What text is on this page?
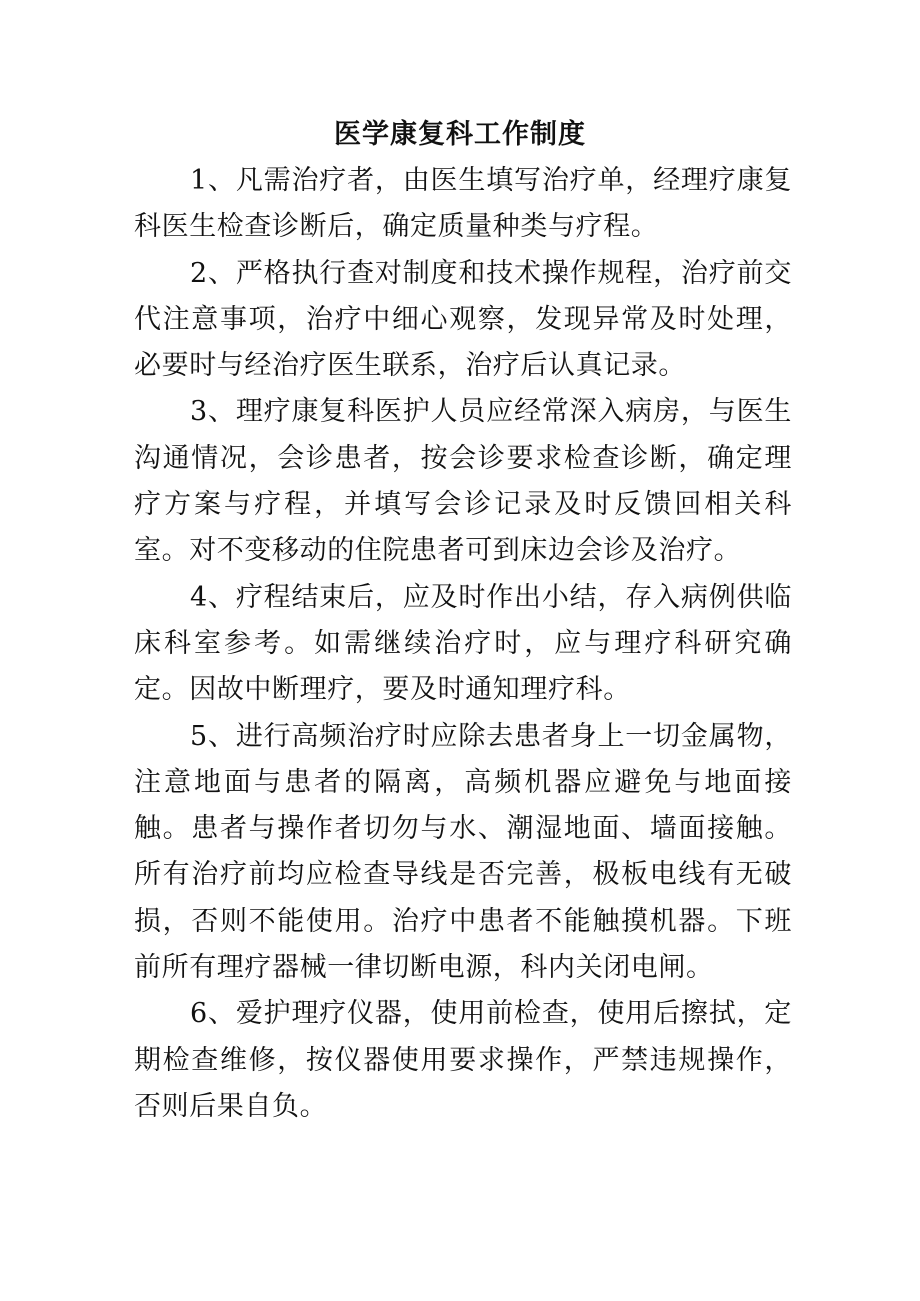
医学康复科工作制度

1、凡需治疗者，由医生填写治疗单，经理疗康复科医生检查诊断后，确定质量种类与疗程。

2、严格执行查对制度和技术操作规程，治疗前交代注意事项，治疗中细心观察，发现异常及时处理，必要时与经治疗医生联系，治疗后认真记录。

3、理疗康复科医护人员应经常深入病房，与医生沟通情况，会诊患者，按会诊要求检查诊断，确定理疗方案与疗程，并填写会诊记录及时反馈回相关科室。对不变移动的住院患者可到床边会诊及治疗。

4、疗程结束后，应及时作出小结，存入病例供临床科室参考。如需继续治疗时，应与理疗科研究确定。因故中断理疗，要及时通知理疗科。

5、进行高频治疗时应除去患者身上一切金属物，注意地面与患者的隔离，高频机器应避免与地面接触。患者与操作者切勿与水、潮湿地面、墙面接触。所有治疗前均应检查导线是否完善，极板电线有无破损，否则不能使用。治疗中患者不能触摸机器。下班前所有理疗器械一律切断电源，科内关闭电闸。

6、爱护理疗仪器，使用前检查，使用后擦拭，定期检查维修，按仪器使用要求操作，严禁违规操作，否则后果自负。
